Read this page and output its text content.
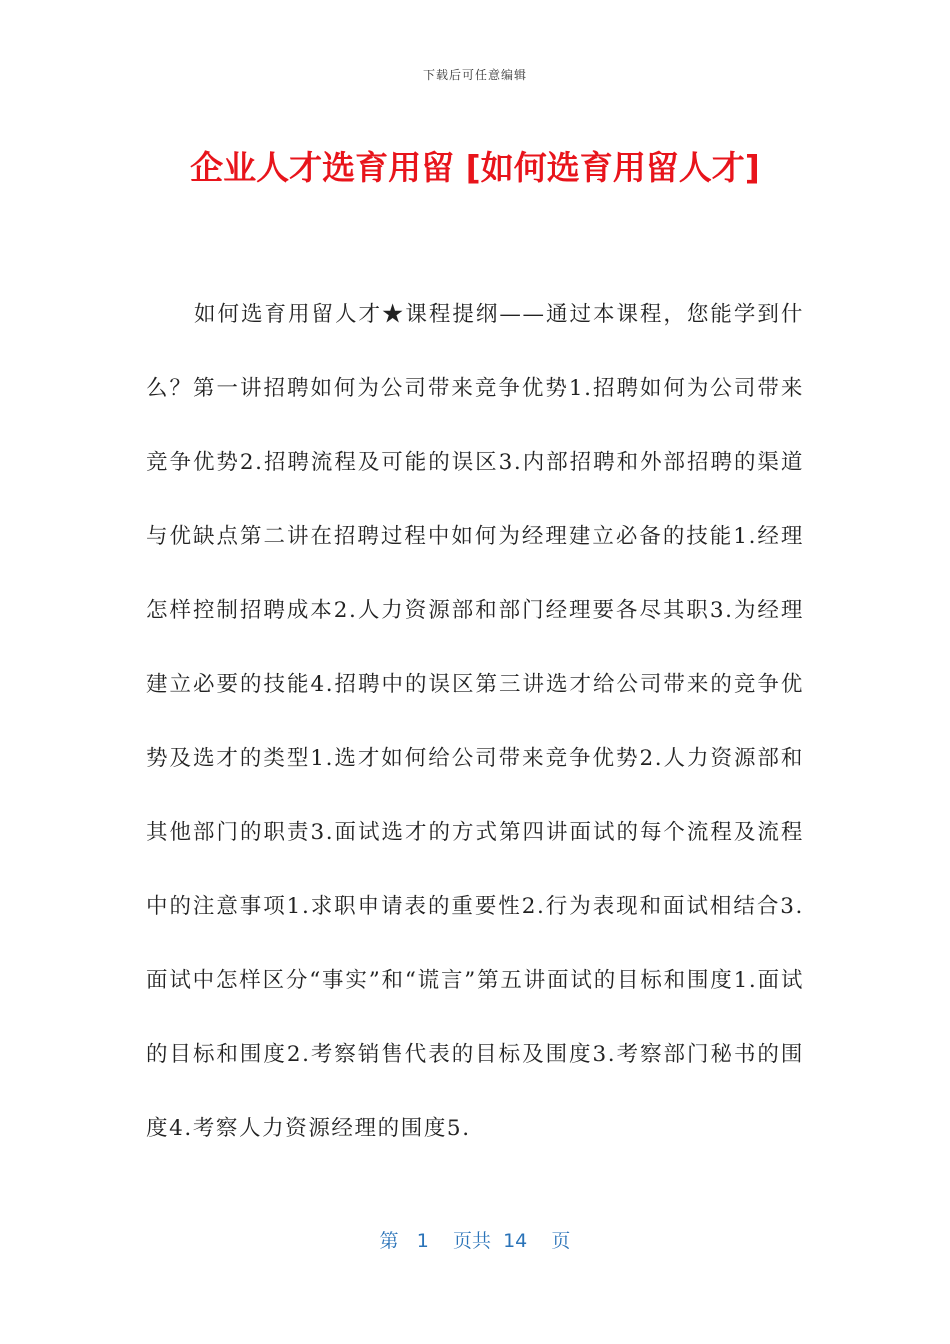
下载后可任意编辑
企业人才选育用留 [如何选育用留人才]

如何选育用留人才★课程提纲——通过本课程，您能学到什么？第一讲招聘如何为公司带来竞争优势1.招聘如何为公司带来竞争优势2.招聘流程及可能的误区3.内部招聘和外部招聘的渠道与优缺点第二讲在招聘过程中如何为经理建立必备的技能1.经理怎样控制招聘成本2.人力资源部和部门经理要各尽其职3.为经理建立必要的技能4.招聘中的误区第三讲选才给公司带来的竞争优势及选才的类型1.选才如何给公司带来竞争优势2.人力资源部和其他部门的职责3.面试选才的方式第四讲面试的每个流程及流程中的注意事项1.求职申请表的重要性2.行为表现和面试相结合3.面试中怎样区分“事实”和“谎言”第五讲面试的目标和围度1.面试的目标和围度2.考察销售代表的目标及围度3.考察部门秘书的围度4.考察人力资源经理的围度5.

第 1 页共 14 页
